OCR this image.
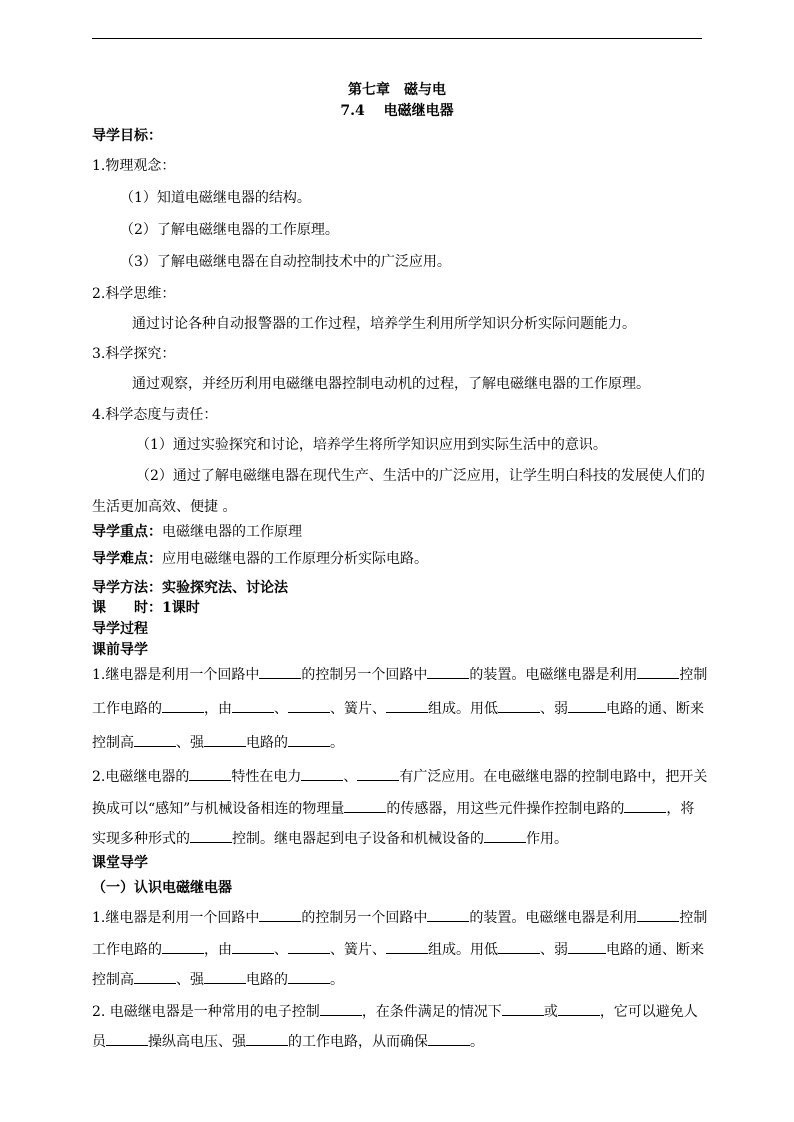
第七章　磁与电
7.4　 电磁继电器
导学目标：
1.物理观念：
（1）知道电磁继电器的结构。
（2）了解电磁继电器的工作原理。
（3）了解电磁继电器在自动控制技术中的广泛应用。
2.科学思维：
通过讨论各种自动报警器的工作过程，培养学生利用所学知识分析实际问题能力。
3.科学探究：
通过观察，并经历利用电磁继电器控制电动机的过程，了解电磁继电器的工作原理。
4.科学态度与责任：
（1）通过实验探究和讨论，培养学生将所学知识应用到实际生活中的意识。
（2）通过了解电磁继电器在现代生产、生活中的广泛应用，让学生明白科技的发展使人们的
生活更加高效、便捷 。
导学重点：电磁继电器的工作原理
导学难点：应用电磁继电器的工作原理分析实际电路。
导学方法：实验探究法、讨论法
课　　时：1课时
导学过程
课前导学
1.继电器是利用一个回路中	的控制另一个回路中	的装置。电磁继电器是利用	控制
工作电路的	，由	、	、簧片、	组成。用低	、弱	电路的通、断来
控制高	、强	电路的	。
2.电磁继电器的	特性在电力	、	有广泛应用。在电磁继电器的控制电路中，把开关
换成可以“感知”与机械设备相连的物理量	的传感器，用这些元件操作控制电路的	，将
实现多种形式的	控制。继电器起到电子设备和机械设备的	作用。
课堂导学
（一）认识电磁继电器
1.继电器是利用一个回路中	的控制另一个回路中	的装置。电磁继电器是利用	控制
工作电路的	，由	、	、簧片、	组成。用低	、弱	电路的通、断来
控制高	、强	电路的	。
2. 电磁继电器是一种常用的电子控制	，在条件满足的情况下	或	，它可以避免人
员	操纵高电压、强	的工作电路，从而确保	。
